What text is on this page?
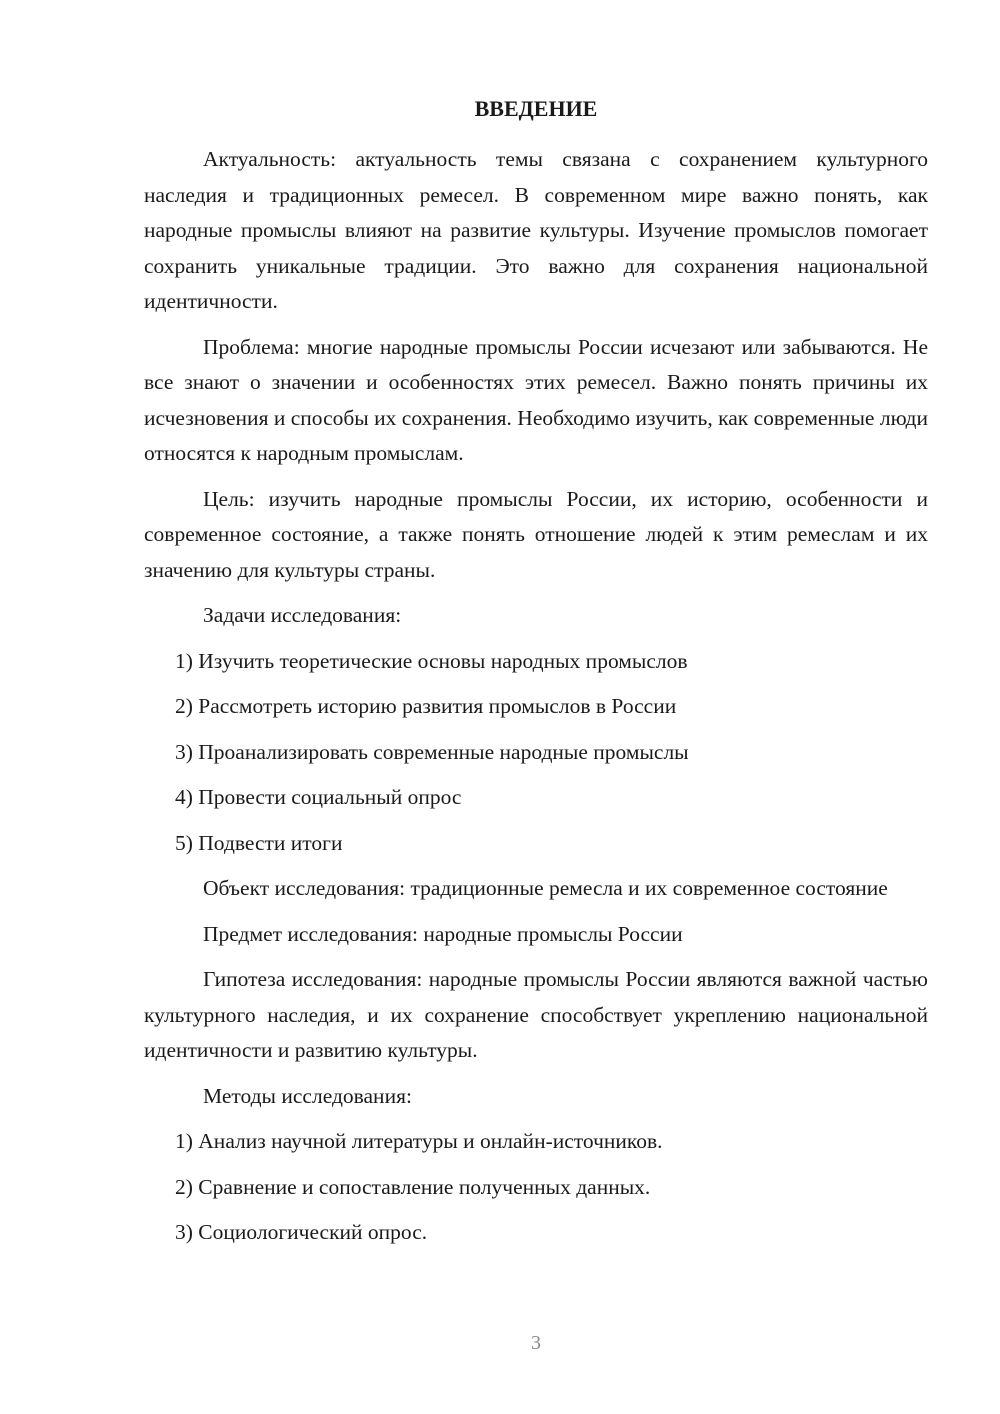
ВВЕДЕНИЕ

Актуальность: актуальность темы связана с сохранением культурного наследия и традиционных ремесел. В современном мире важно понять, как народные промыслы влияют на развитие культуры. Изучение промыслов помогает сохранить уникальные традиции. Это важно для сохранения национальной идентичности.

Проблема: многие народные промыслы России исчезают или забываются. Не все знают о значении и особенностях этих ремесел. Важно понять причины их исчезновения и способы их сохранения. Необходимо изучить, как современные люди относятся к народным промыслам.

Цель: изучить народные промыслы России, их историю, особенности и современное состояние, а также понять отношение людей к этим ремеслам и их значению для культуры страны.

Задачи исследования:

1) Изучить теоретические основы народных промыслов

2) Рассмотреть историю развития промыслов в России

3) Проанализировать современные народные промыслы

4) Провести социальный опрос

5) Подвести итоги

Объект исследования: традиционные ремесла и их современное состояние

Предмет исследования: народные промыслы России

Гипотеза исследования: народные промыслы России являются важной частью культурного наследия, и их сохранение способствует укреплению национальной идентичности и развитию культуры.

Методы исследования:

1) Анализ научной литературы и онлайн-источников.

2) Сравнение и сопоставление полученных данных.

3) Социологический опрос.

3
